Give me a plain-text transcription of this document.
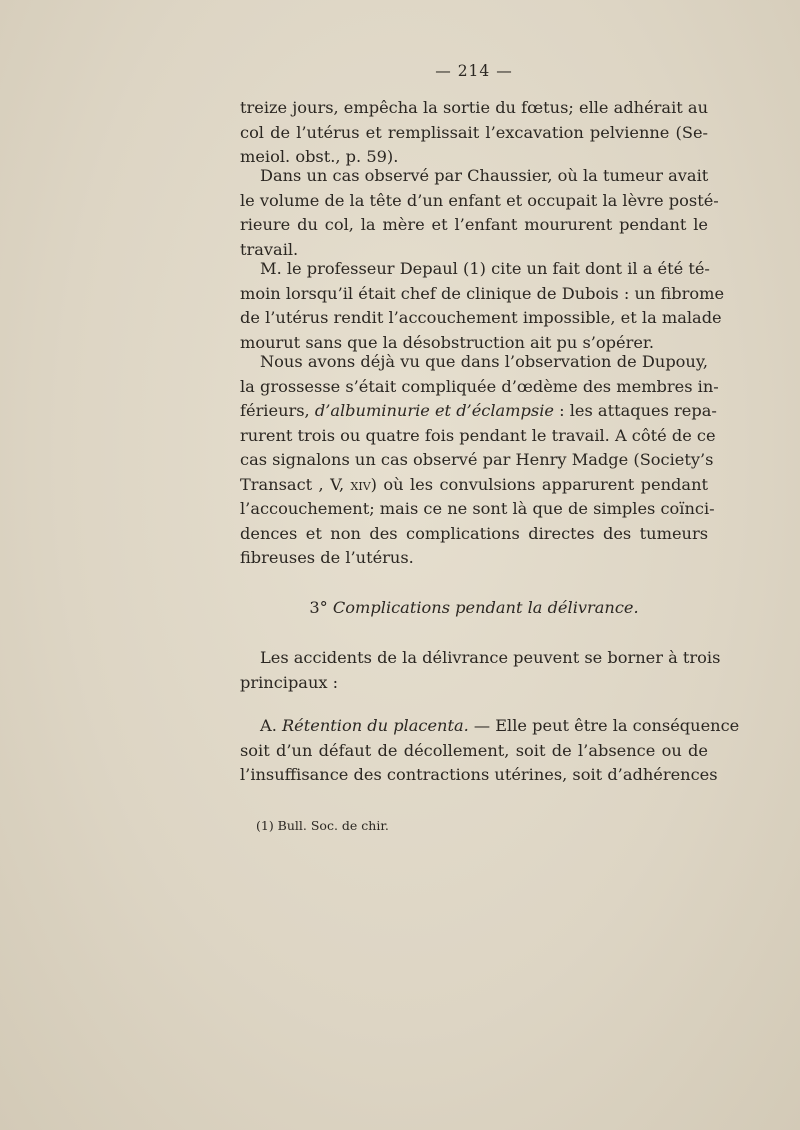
— 214 —

treize jours, empêcha la sortie du fœtus; elle adhérait au
col de l’utérus et remplissait l’excavation pelvienne (Se-
meiol. obst., p. 59).

Dans un cas observé par Chaussier, où la tumeur avait
le volume de la tête d’un enfant et occupait la lèvre posté-
rieure du col, la mère et l’enfant moururent pendant le
travail.

M. le professeur Depaul (1) cite un fait dont il a été té-
moin lorsqu’il était chef de clinique de Dubois : un fibrome
de l’utérus rendit l’accouchement impossible, et la malade
mourut sans que la désobstruction ait pu s’opérer.

Nous avons déjà vu que dans l’observation de Dupouy,
la grossesse s’était compliquée d’œdème des membres in-
férieurs, d’albuminurie et d’éclampsie : les attaques repa-
rurent trois ou quatre fois pendant le travail. A côté de ce
cas signalons un cas observé par Henry Madge (Society’s
Transact , V, xiv) où les convulsions apparurent pendant
l’accouchement; mais ce ne sont là que de simples coïnci-
dences et non des complications directes des tumeurs
fibreuses de l’utérus.

3° Complications pendant la délivrance.

Les accidents de la délivrance peuvent se borner à trois
principaux :

A. Rétention du placenta. — Elle peut être la conséquence
soit d’un défaut de décollement, soit de l’absence ou de
l’insuffisance des contractions utérines, soit d’adhérences

(1) Bull. Soc. de chir.
